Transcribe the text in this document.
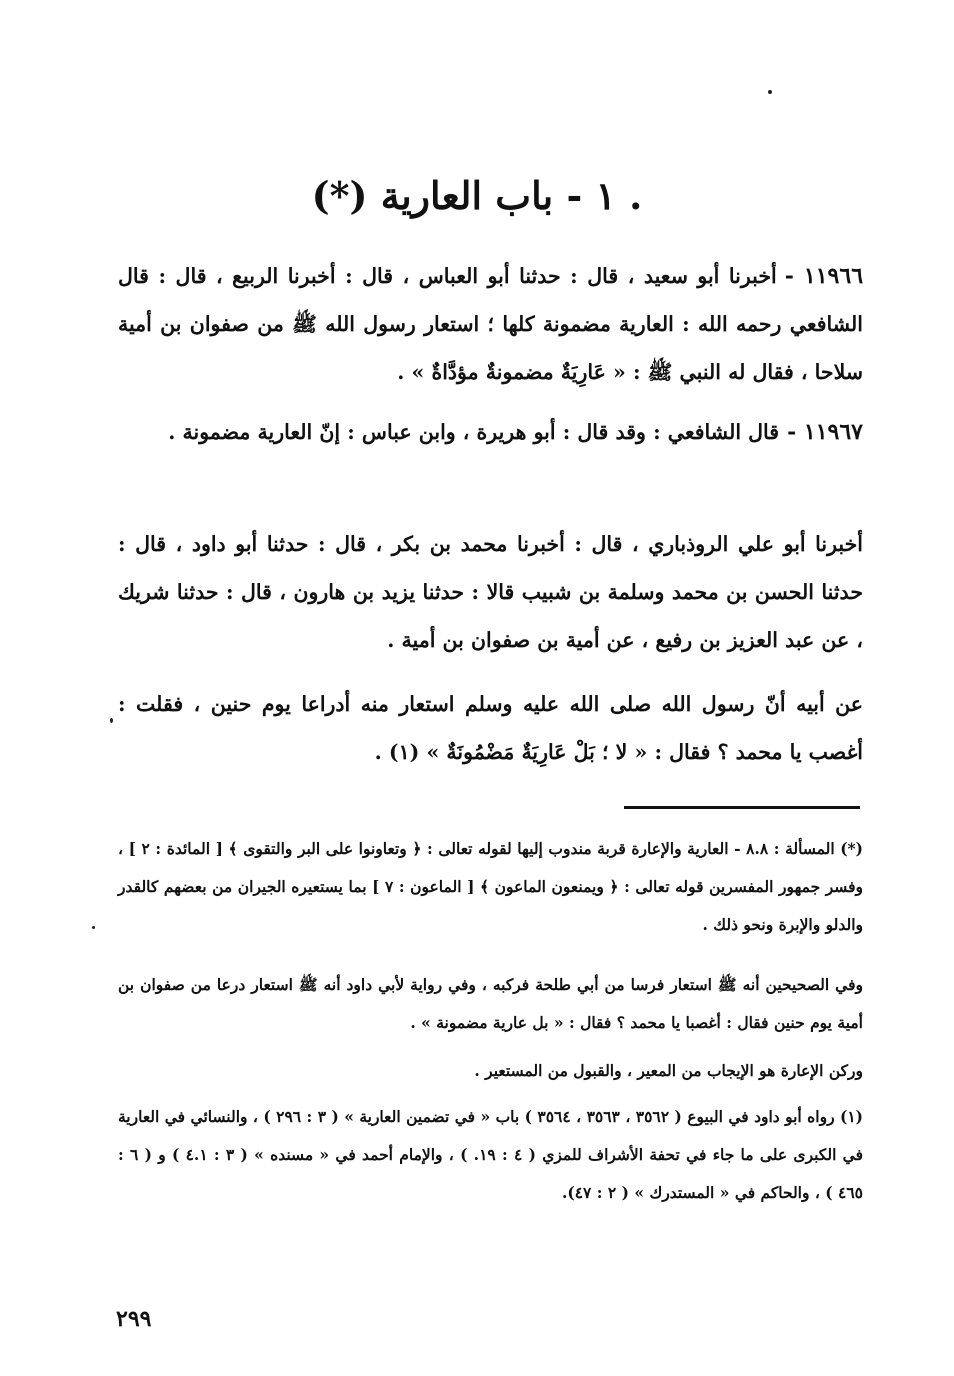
. ١ - باب العارية (*)

١١٩٦٦ -أخبرنا أبو سعيد ، قال : حدثنا أبو العباس ، قال : أخبرنا الربيع ، قال : قال الشافعي رحمه الله : العارية مضمونة كلها ؛ استعار رسول الله ﷺ من صفوان بن أمية سلاحا ، فقال له النبي ﷺ : « عَارِيَةٌ مضمونةٌ مؤدَّاةٌ » .

١١٩٦٧ -قال الشافعي : وقد قال : أبو هريرة ، وابن عباس : إنّ العارية مضمونة .

أخبرنا أبو علي الروذباري ، قال : أخبرنا محمد بن بكر ، قال : حدثنا أبو داود ، قال : حدثنا الحسن بن محمد وسلمة بن شبيب قالا : حدثنا يزيد بن هارون ، قال : حدثنا شريك ، عن عبد العزيز بن رفيع ، عن أمية بن صفوان بن أمية .

عن أبيه أنّ رسول الله صلى الله عليه وسلم استعار منه أدراعا يوم حنين ، فقلت : أغصب يا محمد ؟ فقال : « لا ؛ بَلْ عَارِيَةٌ مَضْمُونَةٌ » (١) .

(*) المسألة : ٨.٨ - العارية والإعارة قربة مندوب إليها لقوله تعالى : ﴿ وتعاونوا على البر والتقوى ﴾ [ المائدة : ٢ ] ، وفسر جمهور المفسرين قوله تعالى : ﴿ ويمنعون الماعون ﴾ [ الماعون : ٧ ] بما يستعيره الجيران من بعضهم كالقدر والدلو والإبرة ونحو ذلك .

وفي الصحيحين أنه ﷺ استعار فرسا من أبي طلحة فركبه ، وفي رواية لأبي داود أنه ﷺ استعار درعا من صفوان بن أمية يوم حنين فقال : أغصبا يا محمد ؟ فقال : « بل عارية مضمونة » .

وركن الإعارة هو الإيجاب من المعير ، والقبول من المستعير .

(١) رواه أبو داود في البيوع ( ٣٥٦٢ ، ٣٥٦٣ ، ٣٥٦٤ ) باب « في تضمين العارية » ( ٣ : ٢٩٦ ) ، والنسائي في العارية في الكبرى على ما جاء في تحفة الأشراف للمزي ( ٤ : ١٩. ) ، والإمام أحمد في « مسنده » ( ٣ : ٤.١ ) و ( ٦ : ٤٦٥ ) ، والحاكم في « المستدرك » ( ٢ : ٤٧).

٢٩٩
